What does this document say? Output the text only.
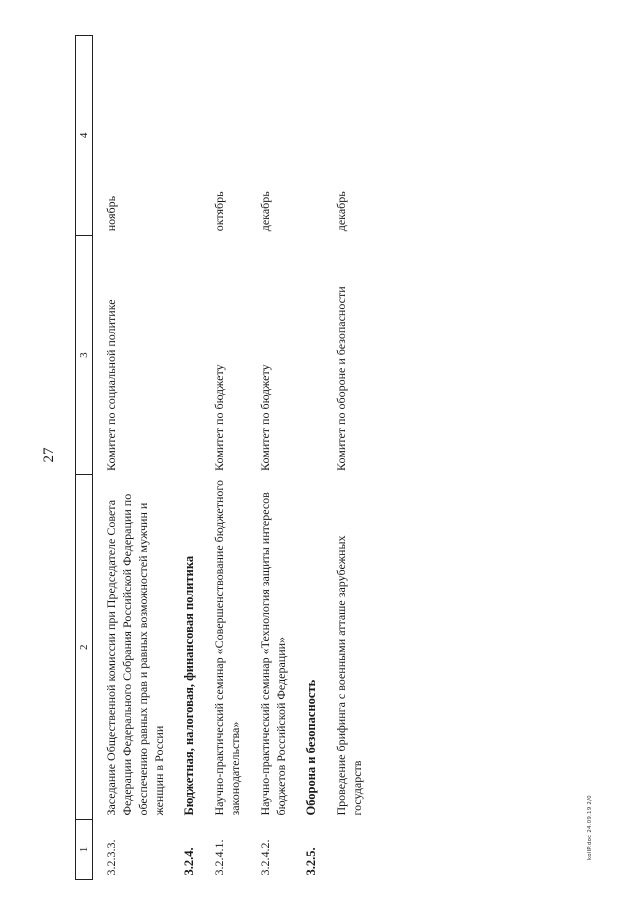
27
1	2	3	4
3.2.3.3.	Заседание Общественной комиссии при Председателе Совета Федерации Федерального Собрания Российской Федерации по обеспечению равных прав и равных возможностей мужчин и женщин в России	Комитет по социальной политике	ноябрь
3.2.4.	Бюджетная, налоговая, финансовая политика		
3.2.4.1.	Научно-практический семинар «Совершенствование бюджетного законодательства»	Комитет по бюджету	октябрь
3.2.4.2.	Научно-практический семинар «Технология защиты интересов бюджетов Российской Федерации»	Комитет по бюджету	декабрь
3.2.5.	Оборона и безопасность		
	Проведение брифинга с военными атташе зарубежных государств	Комитет по обороне и безопасности	декабрь
kolIP.doc 24.09.19 2/0
